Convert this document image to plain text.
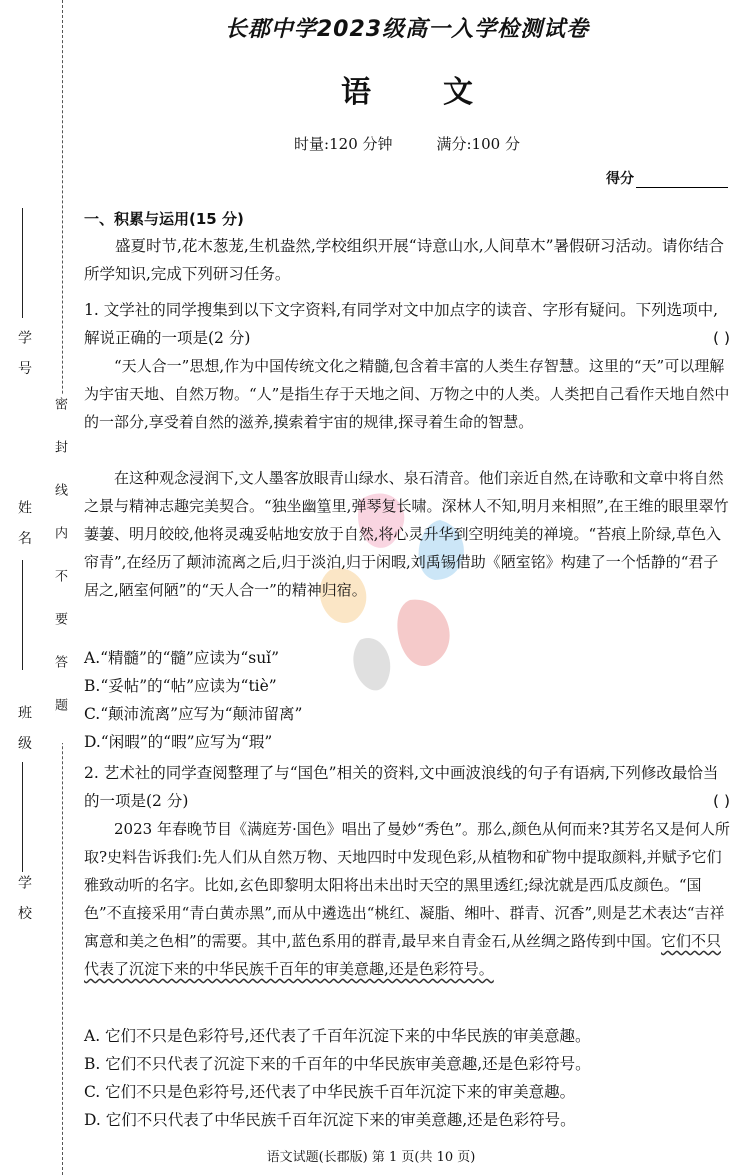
学 号
姓 名
班 级
学 校
密封线内不要答题
长郡中学2023级高一入学检测试卷
语 文
时量:120 分钟	满分:100 分
得分
一、积累与运用(15 分)
盛夏时节,花木葱茏,生机盎然,学校组织开展“诗意山水,人间草木”暑假研习活动。请你结合所学知识,完成下列研习任务。
1. 文学社的同学搜集到以下文字资料,有同学对文中加点字的读音、字形有疑问。下列选项中,解说正确的一项是(2 分)	( )
“天人合一”思想,作为中国传统文化之精髓,包含着丰富的人类生存智慧。这里的“天”可以理解为宇宙天地、自然万物。“人”是指生存于天地之间、万物之中的人类。人类把自己看作天地自然中的一部分,享受着自然的滋养,摸索着宇宙的规律,探寻着生命的智慧。
在这种观念浸润下,文人墨客放眼青山绿水、泉石清音。他们亲近自然,在诗歌和文章中将自然之景与精神志趣完美契合。“独坐幽篁里,弹琴复长啸。深林人不知,明月来相照”,在王维的眼里翠竹萋萋、明月皎皎,他将灵魂妥帖地安放于自然,将心灵升华到空明纯美的禅境。“苔痕上阶绿,草色入帘青”,在经历了颠沛流离之后,归于淡泊,归于闲暇,刘禹锡借助《陋室铭》构建了一个恬静的“君子居之,陋室何陋”的“天人合一”的精神归宿。
A.“精髓”的“髓”应读为“suǐ”
B.“妥帖”的“帖”应读为“tiè”
C.“颠沛流离”应写为“颠沛留离”
D.“闲暇”的“暇”应写为“瑕”
2. 艺术社的同学查阅整理了与“国色”相关的资料,文中画波浪线的句子有语病,下列修改最恰当的一项是(2 分)	( )
2023 年春晚节目《满庭芳·国色》唱出了曼妙“秀色”。那么,颜色从何而来?其芳名又是何人所取?史料告诉我们:先人们从自然万物、天地四时中发现色彩,从植物和矿物中提取颜料,并赋予它们雅致动听的名字。比如,玄色即黎明太阳将出未出时天空的黑里透红;绿沈就是西瓜皮颜色。“国色”不直接采用“青白黄赤黑”,而从中遴选出“桃红、凝脂、缃叶、群青、沉香”,则是艺术表达“吉祥寓意和美之色相”的需要。其中,蓝色系用的群青,最早来自青金石,从丝绸之路传到中国。它们不只代表了沉淀下来的中华民族千百年的审美意趣,还是色彩符号。
A. 它们不只是色彩符号,还代表了千百年沉淀下来的中华民族的审美意趣。
B. 它们不只代表了沉淀下来的千百年的中华民族审美意趣,还是色彩符号。
C. 它们不只是色彩符号,还代表了中华民族千百年沉淀下来的审美意趣。
D. 它们不只代表了中华民族千百年沉淀下来的审美意趣,还是色彩符号。
语文试题(长郡版) 第 1 页(共 10 页)
